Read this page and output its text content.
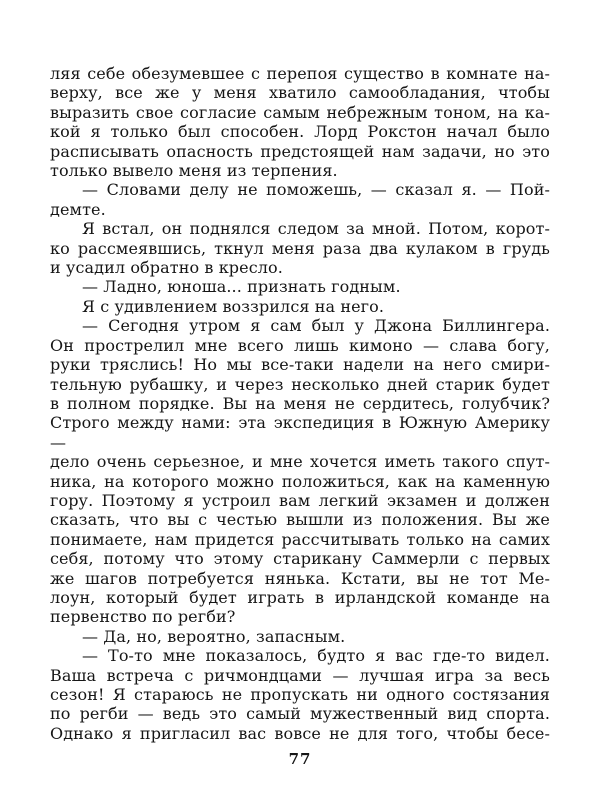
ляя себе обезумевшее с перепоя существо в комнате на-
верху, все же у меня хватило самообладания, чтобы
выразить свое согласие самым небрежным тоном, на ка-
кой я только был способен. Лорд Рокстон начал было
расписывать опасность предстоящей нам задачи, но это
только вывело меня из терпения.
— Словами делу не поможешь, — сказал я. — Пой-
демте.
Я встал, он поднялся следом за мной. Потом, корот-
ко рассмеявшись, ткнул меня раза два кулаком в грудь
и усадил обратно в кресло.
— Ладно, юноша... признать годным.
Я с удивлением воззрился на него.
— Сегодня утром я сам был у Джона Биллингера.
Он прострелил мне всего лишь кимоно — слава богу,
руки тряслись! Но мы все-таки надели на него смири-
тельную рубашку, и через несколько дней старик будет
в полном порядке. Вы на меня не сердитесь, голубчик?
Строго между нами: эта экспедиция в Южную Америку —
дело очень серьезное, и мне хочется иметь такого спут-
ника, на которого можно положиться, как на каменную
гору. Поэтому я устроил вам легкий экзамен и должен
сказать, что вы с честью вышли из положения. Вы же
понимаете, нам придется рассчитывать только на самих
себя, потому что этому старикану Саммерли с первых
же шагов потребуется нянька. Кстати, вы не тот Ме-
лоун, который будет играть в ирландской команде на
первенство по регби?
— Да, но, вероятно, запасным.
— То-то мне показалось, будто я вас где-то видел.
Ваша встреча с ричмондцами — лучшая игра за весь
сезон! Я стараюсь не пропускать ни одного состязания
по регби — ведь это самый мужественный вид спорта.
Однако я пригласил вас вовсе не для того, чтобы бесе-
77
